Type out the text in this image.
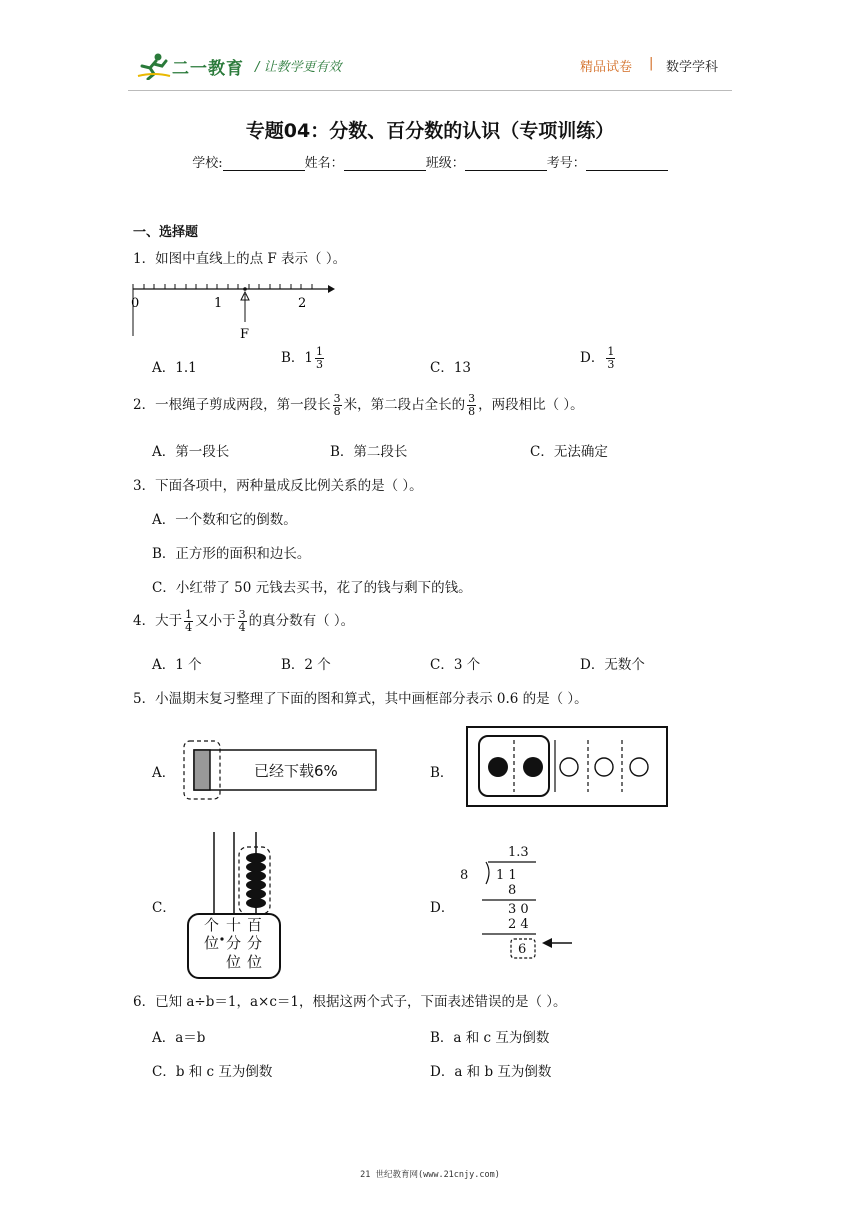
二一教育 / 让教学更有效	精品试卷 | 数学学科
专题04：分数、百分数的认识（专项训练）
学校:	姓名：	班级：	考号：
一、选择题
1．如图中直线上的点 F 表示（ ）。
0	1	2
F
A．1.1
B．$1 \frac{1}{3}$	C．13
D． $\frac{1}{3}$
2．一根绳子剪成两段，第一段长 $\frac{3}{8}$ 米，第二段占全长的 $\frac{3}{8}$ ，两段相比（ ）。
A．第一段长	B．第二段长	C．无法确定
3．下面各项中，两种量成反比例关系的是（ ）。
A．一个数和它的倒数。
B．正方形的面积和边长。
C．小红带了 50 元钱去买书，花了的钱与剩下的钱。
4．大于 $\frac{1}{4}$ 又小于 $\frac{3}{4}$ 的真分数有（ ）。
A．1 个	B．2 个	C．3 个	D．无数个
5．小温期末复习整理了下面的图和算式，其中画框部分表示 0.6 的是（ ）。
A．	已经下载6%	B．
C．
个 十 百
位 分 分
位 位
D．
1.3
8 1 1
8
3 0
2 4
6
6．已知 a÷b＝1，a×c＝1，根据这两个式子，下面表述错误的是（ ）。
A．a＝b	B．a 和 c 互为倒数
C．b 和 c 互为倒数	D．a 和 b 互为倒数
21 世纪教育网(www.21cnjy.com)
